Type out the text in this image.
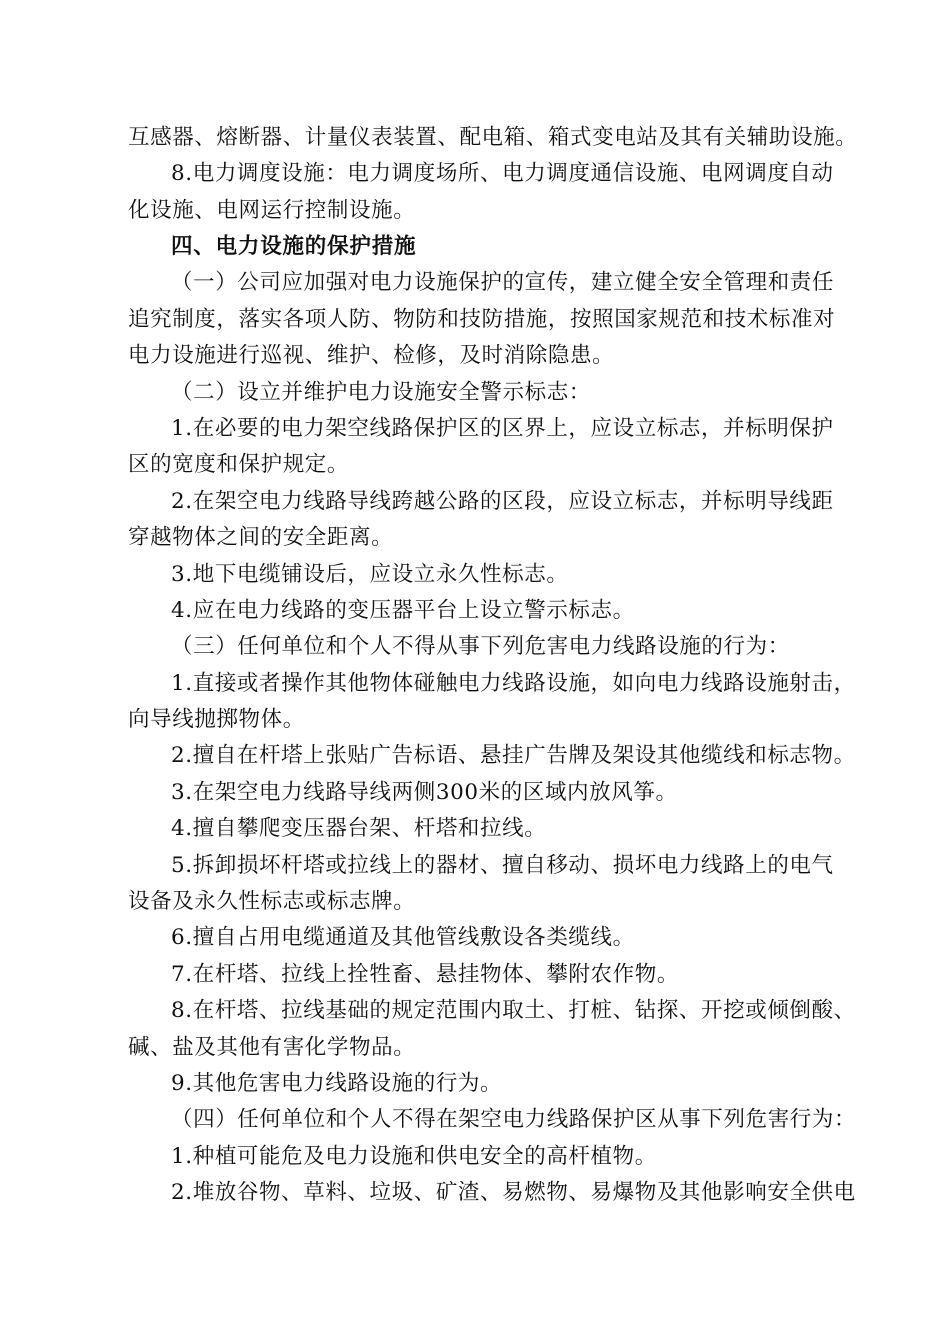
互感器、熔断器、计量仪表装置、配电箱、箱式变电站及其有关辅助设施。
8.电力调度设施：电力调度场所、电力调度通信设施、电网调度自动
化设施、电网运行控制设施。
四、电力设施的保护措施
（一）公司应加强对电力设施保护的宣传，建立健全安全管理和责任
追究制度，落实各项人防、物防和技防措施，按照国家规范和技术标准对
电力设施进行巡视、维护、检修，及时消除隐患。
（二）设立并维护电力设施安全警示标志：
1.在必要的电力架空线路保护区的区界上，应设立标志，并标明保护
区的宽度和保护规定。
2.在架空电力线路导线跨越公路的区段，应设立标志，并标明导线距
穿越物体之间的安全距离。
3.地下电缆铺设后，应设立永久性标志。
4.应在电力线路的变压器平台上设立警示标志。
（三）任何单位和个人不得从事下列危害电力线路设施的行为：
1.直接或者操作其他物体碰触电力线路设施，如向电力线路设施射击，
向导线抛掷物体。
2.擅自在杆塔上张贴广告标语、悬挂广告牌及架设其他缆线和标志物。
3.在架空电力线路导线两侧300米的区域内放风筝。
4.擅自攀爬变压器台架、杆塔和拉线。
5.拆卸损坏杆塔或拉线上的器材、擅自移动、损坏电力线路上的电气
设备及永久性标志或标志牌。
6.擅自占用电缆通道及其他管线敷设各类缆线。
7.在杆塔、拉线上拴牲畜、悬挂物体、攀附农作物。
8.在杆塔、拉线基础的规定范围内取土、打桩、钻探、开挖或倾倒酸、
碱、盐及其他有害化学物品。
9.其他危害电力线路设施的行为。
（四）任何单位和个人不得在架空电力线路保护区从事下列危害行为：
1.种植可能危及电力设施和供电安全的高杆植物。
2.堆放谷物、草料、垃圾、矿渣、易燃物、易爆物及其他影响安全供电
